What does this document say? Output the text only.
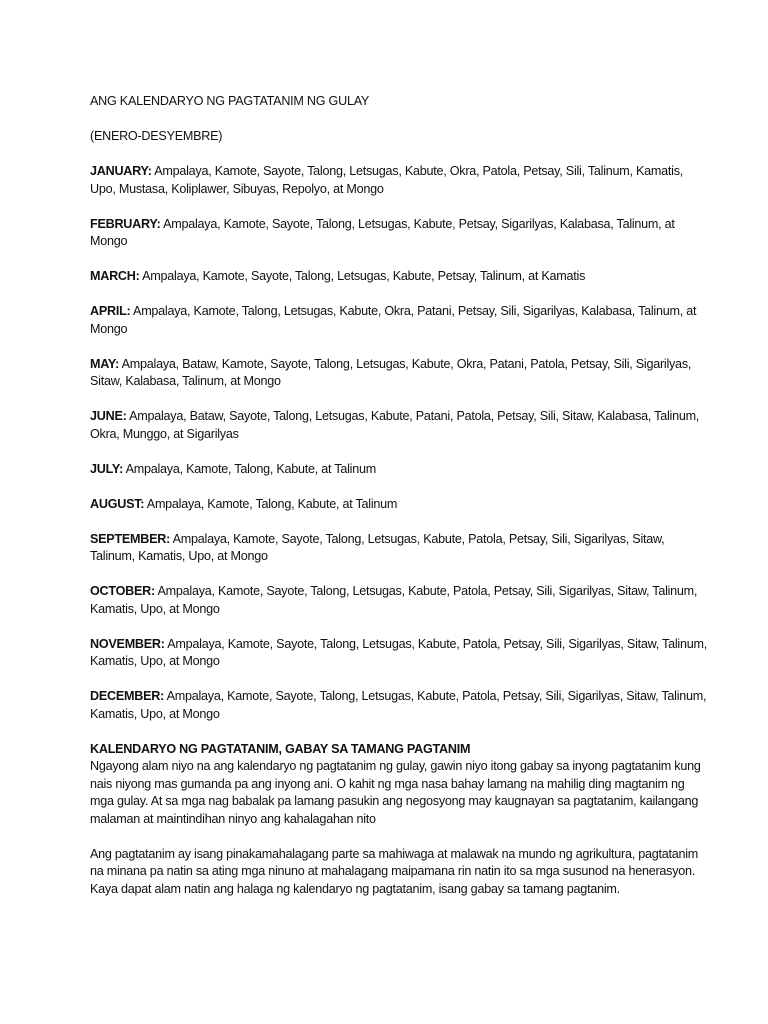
ANG KALENDARYO NG PAGTATANIM NG GULAY
(ENERO-DESYEMBRE)
JANUARY: Ampalaya, Kamote, Sayote, Talong, Letsugas, Kabute, Okra, Patola, Petsay, Sili, Talinum, Kamatis, Upo, Mustasa, Koliplawer, Sibuyas, Repolyo, at Mongo
FEBRUARY: Ampalaya, Kamote, Sayote, Talong, Letsugas, Kabute, Petsay, Sigarilyas, Kalabasa, Talinum, at Mongo
MARCH: Ampalaya, Kamote, Sayote, Talong, Letsugas, Kabute, Petsay, Talinum, at Kamatis
APRIL: Ampalaya, Kamote, Talong, Letsugas, Kabute, Okra, Patani, Petsay, Sili, Sigarilyas, Kalabasa, Talinum, at Mongo
MAY: Ampalaya, Bataw, Kamote, Sayote, Talong, Letsugas, Kabute, Okra, Patani, Patola, Petsay, Sili, Sigarilyas, Sitaw, Kalabasa, Talinum, at Mongo
JUNE: Ampalaya, Bataw, Sayote, Talong, Letsugas, Kabute, Patani, Patola, Petsay, Sili, Sitaw, Kalabasa, Talinum, Okra, Munggo, at Sigarilyas
JULY: Ampalaya, Kamote, Talong, Kabute, at Talinum
AUGUST: Ampalaya, Kamote, Talong, Kabute, at Talinum
SEPTEMBER: Ampalaya, Kamote, Sayote, Talong, Letsugas, Kabute, Patola, Petsay, Sili, Sigarilyas, Sitaw, Talinum, Kamatis, Upo, at Mongo
OCTOBER: Ampalaya, Kamote, Sayote, Talong, Letsugas, Kabute, Patola, Petsay, Sili, Sigarilyas, Sitaw, Talinum, Kamatis, Upo, at Mongo
NOVEMBER: Ampalaya, Kamote, Sayote, Talong, Letsugas, Kabute, Patola, Petsay, Sili, Sigarilyas, Sitaw, Talinum, Kamatis, Upo, at Mongo
DECEMBER: Ampalaya, Kamote, Sayote, Talong, Letsugas, Kabute, Patola, Petsay, Sili, Sigarilyas, Sitaw, Talinum, Kamatis, Upo, at Mongo
KALENDARYO NG PAGTATANIM, GABAY SA TAMANG PAGTANIM
Ngayong alam niyo na ang kalendaryo ng pagtatanim ng gulay, gawin niyo itong gabay sa inyong pagtatanim kung nais niyong mas gumanda pa ang inyong ani. O kahit ng mga nasa bahay lamang na mahilig ding magtanim ng mga gulay. At sa mga nag babalak pa lamang pasukin ang negosyong may kaugnayan sa pagtatanim, kailangang malaman at maintindihan ninyo ang kahalagahan nito
Ang pagtatanim ay isang pinakamahalagang parte sa mahiwaga at malawak na mundo ng agrikultura, pagtatanim na minana pa natin sa ating mga ninuno at mahalagang maipamana rin natin ito sa mga susunod na henerasyon. Kaya dapat alam natin ang halaga ng kalendaryo ng pagtatanim, isang gabay sa tamang pagtanim.
